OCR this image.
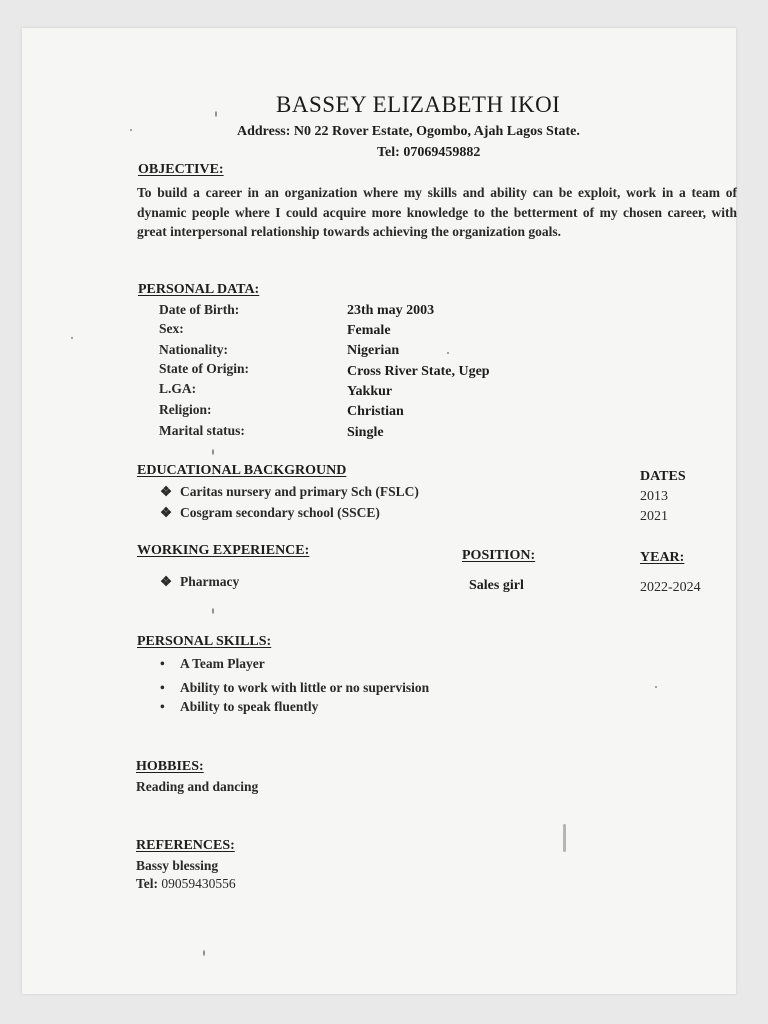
BASSEY ELIZABETH IKOI
Address: N0 22 Rover Estate, Ogombo, Ajah Lagos State.
Tel: 07069459882
OBJECTIVE:
To build a career in an organization where my skills and ability can be exploit, work in a team of dynamic people where I could acquire more knowledge to the betterment of my chosen career, with great interpersonal relationship towards achieving the organization goals.
PERSONAL DATA:
Date of Birth:	23th may 2003
Sex:	Female
Nationality:	Nigerian
State of Origin:	Cross River State, Ugep
L.GA:	Yakkur
Religion:	Christian
Marital status:	Single
EDUCATIONAL BACKGROUND	DATES
❖ Caritas nursery and primary Sch (FSLC)	2013
❖ Cosgram secondary school (SSCE)	2021
WORKING EXPERIENCE:	POSITION:	YEAR:
❖ Pharmacy	Sales girl	2022-2024
PERSONAL SKILLS:
• A Team Player
• Ability to work with little or no supervision
• Ability to speak fluently
HOBBIES:
Reading and dancing
REFERENCES:
Bassy blessing
Tel: 09059430556
